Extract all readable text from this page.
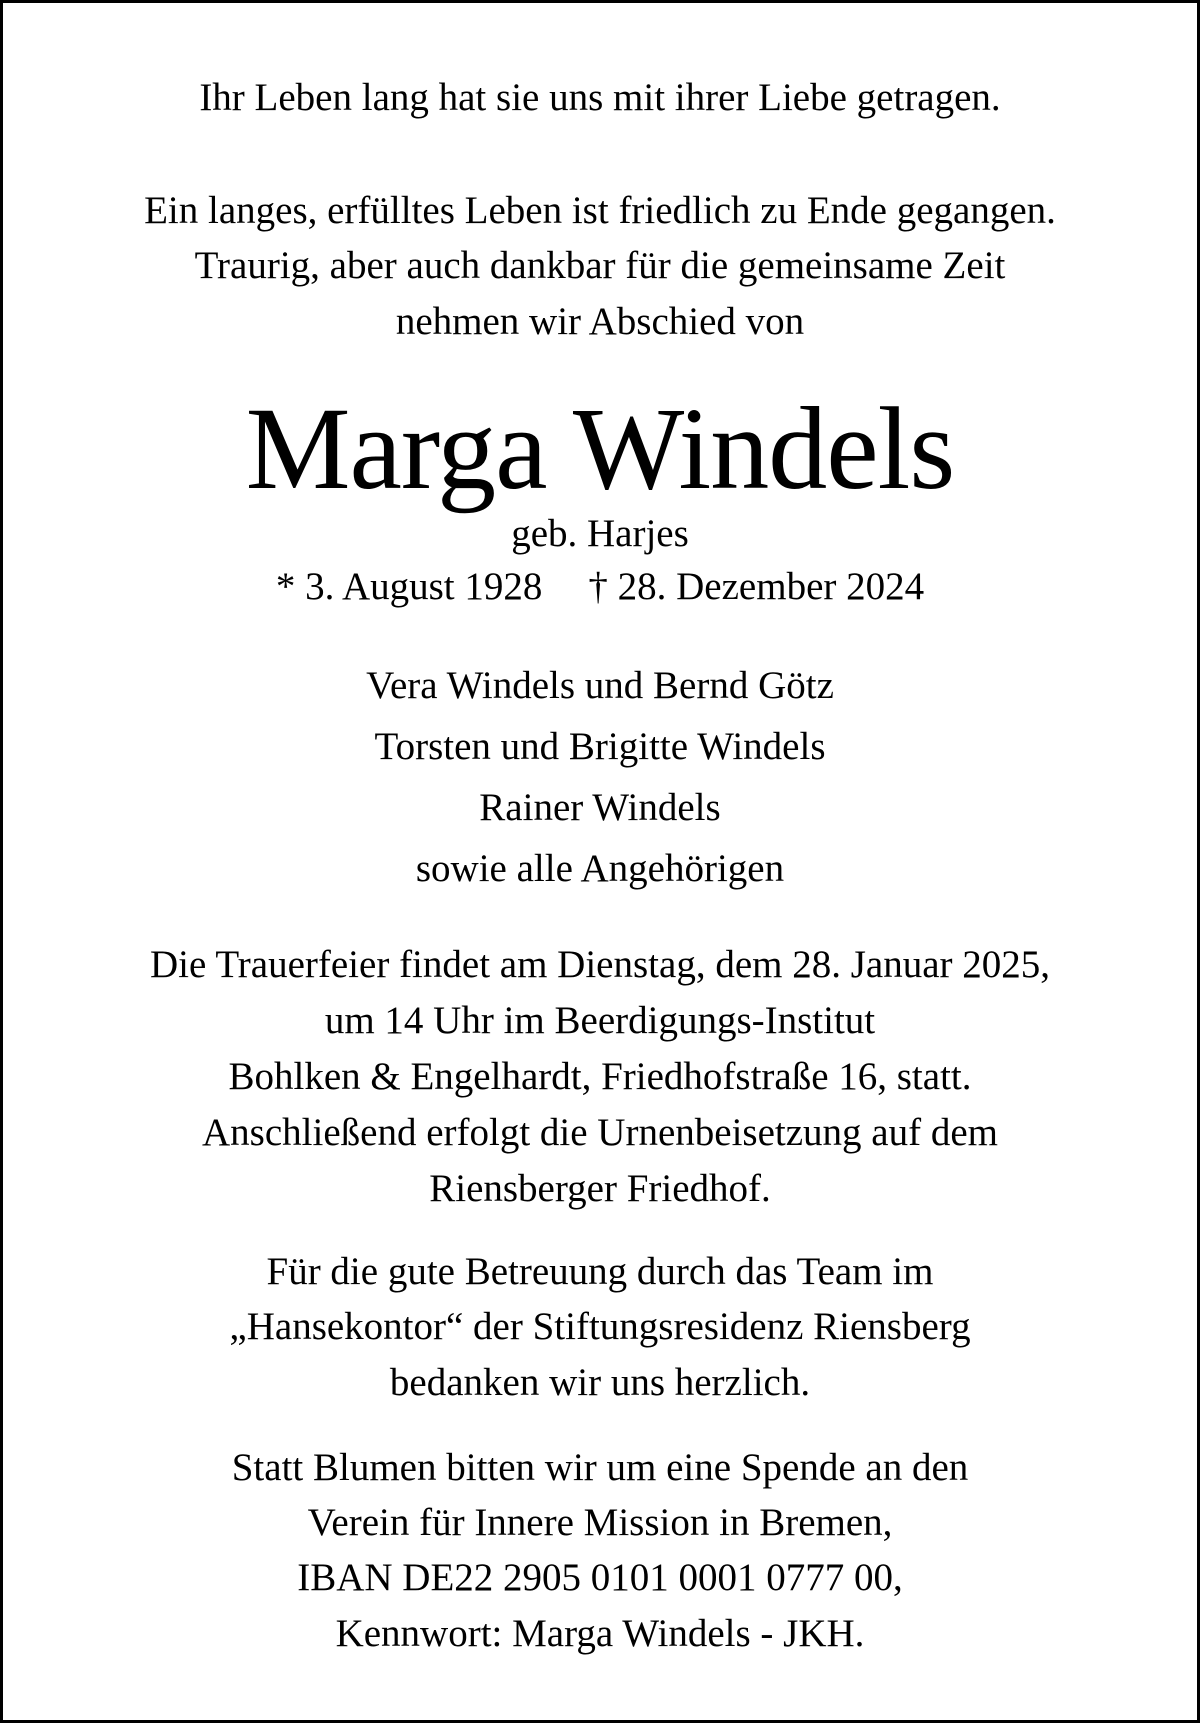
Ihr Leben lang hat sie uns mit ihrer Liebe getragen.
Ein langes, erfülltes Leben ist friedlich zu Ende gegangen.
Traurig, aber auch dankbar für die gemeinsame Zeit
nehmen wir Abschied von
Marga Windels
geb. Harjes
* 3. August 1928 † 28. Dezember 2024
Vera Windels und Bernd Götz
Torsten und Brigitte Windels
Rainer Windels
sowie alle Angehörigen
Die Trauerfeier findet am Dienstag, dem 28. Januar 2025,
um 14 Uhr im Beerdigungs-Institut
Bohlken & Engelhardt, Friedhofstraße 16, statt.
Anschließend erfolgt die Urnenbeisetzung auf dem
Riensberger Friedhof.
Für die gute Betreuung durch das Team im
„Hansekontor“ der Stiftungsresidenz Riensberg
bedanken wir uns herzlich.
Statt Blumen bitten wir um eine Spende an den
Verein für Innere Mission in Bremen,
IBAN DE22 2905 0101 0001 0777 00,
Kennwort: Marga Windels - JKH.
